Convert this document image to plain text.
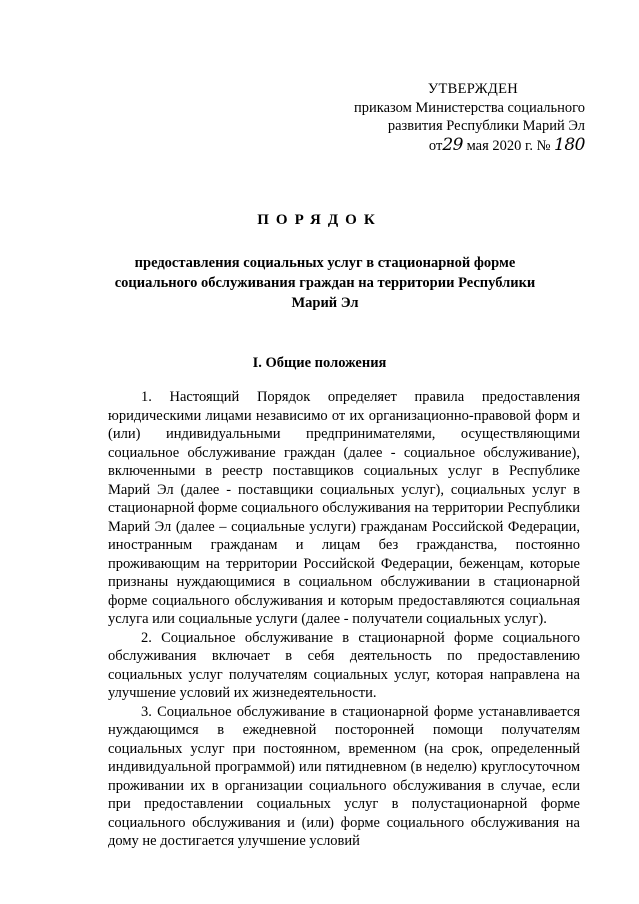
УТВЕРЖДЕН
приказом Министерства социального
развития Республики Марий Эл
от29 мая 2020 г. № 180
ПОРЯДОК
предоставления социальных услуг в стационарной форме социального обслуживания граждан на территории Республики Марий Эл
I. Общие положения

1. Настоящий Порядок определяет правила предоставления юридическими лицами независимо от их организационно-правовой форм и (или) индивидуальными предпринимателями, осуществляющими социальное обслуживание граждан (далее - социальное обслуживание), включенными в реестр поставщиков социальных услуг в Республике Марий Эл (далее - поставщики социальных услуг), социальных услуг в стационарной форме социального обслуживания на территории Республики Марий Эл (далее – социальные услуги) гражданам Российской Федерации, иностранным гражданам и лицам без гражданства, постоянно проживающим на территории Российской Федерации, беженцам, которые признаны нуждающимися в социальном обслуживании в стационарной форме социального обслуживания и которым предоставляются социальная услуга или социальные услуги (далее - получатели социальных услуг).

2. Социальное обслуживание в стационарной форме социального обслуживания включает в себя деятельность по предоставлению социальных услуг получателям социальных услуг, которая направлена на улучшение условий их жизнедеятельности.

3. Социальное обслуживание в стационарной форме устанавливается нуждающимся в ежедневной посторонней помощи получателям социальных услуг при постоянном, временном (на срок, определенный индивидуальной программой) или пятидневном (в неделю) круглосуточном проживании их в организации социального обслуживания в случае, если при предоставлении социальных услуг в полустационарной форме социального обслуживания и (или) форме социального обслуживания на дому не достигается улучшение условий
